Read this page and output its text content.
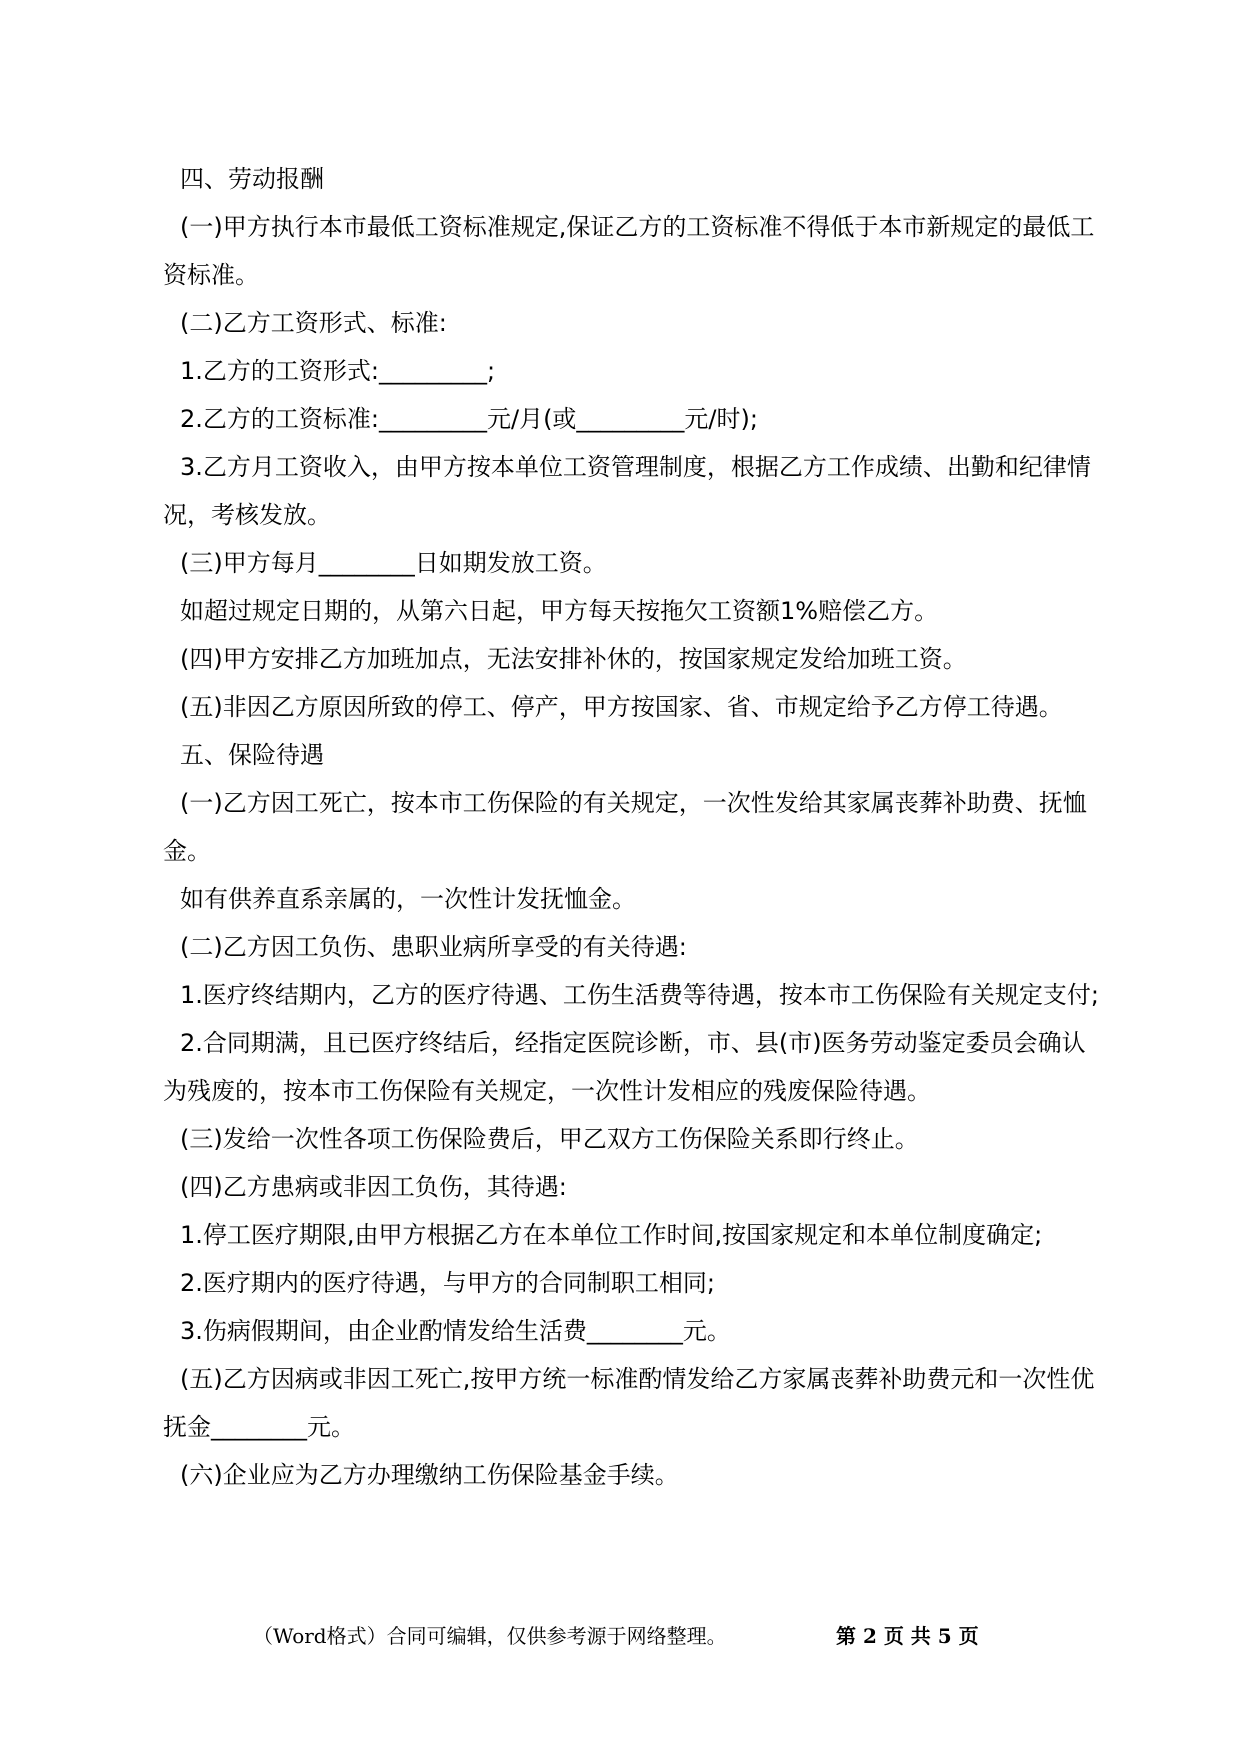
四、劳动报酬

(一)甲方执行本市最低工资标准规定,保证乙方的工资标准不得低于本市新规定的最低工资标准。

(二)乙方工资形式、标准:

1.乙方的工资形式:_________;

2.乙方的工资标准:_________元/月(或_________元/时);

3.乙方月工资收入，由甲方按本单位工资管理制度，根据乙方工作成绩、出勤和纪律情况，考核发放。

(三)甲方每月________日如期发放工资。

如超过规定日期的，从第六日起，甲方每天按拖欠工资额1%赔偿乙方。

(四)甲方安排乙方加班加点，无法安排补休的，按国家规定发给加班工资。

(五)非因乙方原因所致的停工、停产，甲方按国家、省、市规定给予乙方停工待遇。

五、保险待遇

(一)乙方因工死亡，按本市工伤保险的有关规定，一次性发给其家属丧葬补助费、抚恤金。

如有供养直系亲属的，一次性计发抚恤金。

(二)乙方因工负伤、患职业病所享受的有关待遇:

1.医疗终结期内，乙方的医疗待遇、工伤生活费等待遇，按本市工伤保险有关规定支付;

2.合同期满，且已医疗终结后，经指定医院诊断，市、县(市)医务劳动鉴定委员会确认为残废的，按本市工伤保险有关规定，一次性计发相应的残废保险待遇。

(三)发给一次性各项工伤保险费后，甲乙双方工伤保险关系即行终止。

(四)乙方患病或非因工负伤，其待遇:

1.停工医疗期限,由甲方根据乙方在本单位工作时间,按国家规定和本单位制度确定;

2.医疗期内的医疗待遇，与甲方的合同制职工相同;

3.伤病假期间，由企业酌情发给生活费________元。

(五)乙方因病或非因工死亡,按甲方统一标准酌情发给乙方家属丧葬补助费元和一次性优抚金________元。

(六)企业应为乙方办理缴纳工伤保险基金手续。

（Word格式）合同可编辑，仅供参考源于网络整理。	第 2 页 共 5 页
